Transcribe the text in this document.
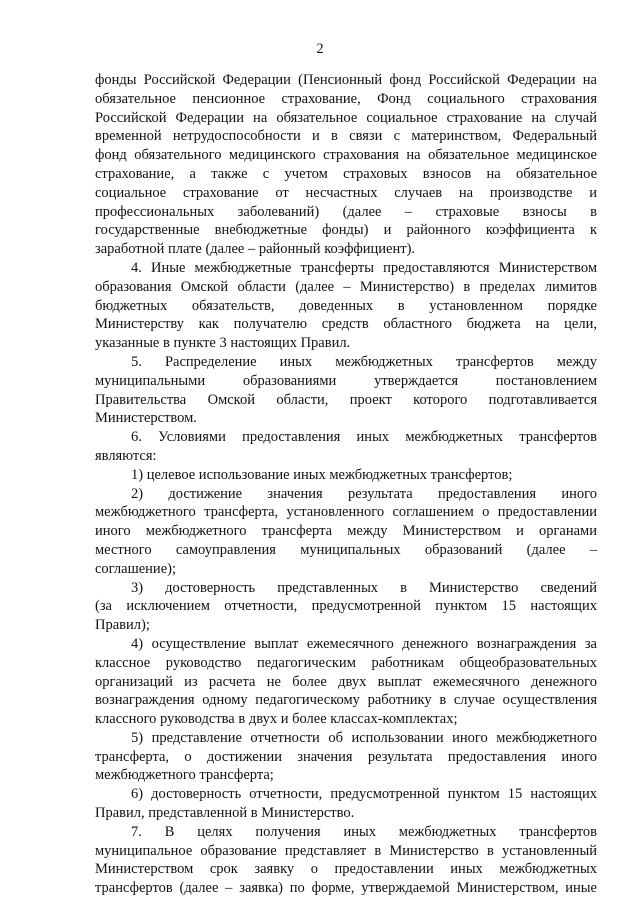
2
фонды Российской Федерации (Пенсионный фонд Российской Федерации на
обязательное пенсионное страхование, Фонд социального страхования
Российской Федерации на обязательное социальное страхование на случай
временной нетрудоспособности и в связи с материнством, Федеральный
фонд обязательного медицинского страхования на обязательное медицинское
страхование, а также с учетом страховых взносов на обязательное
социальное страхование от несчастных случаев на производстве и
профессиональных заболеваний) (далее – страховые взносы в
государственные внебюджетные фонды) и районного коэффициента к
заработной плате (далее – районный коэффициент).
4. Иные межбюджетные трансферты предоставляются Министерством
образования Омской области (далее – Министерство) в пределах лимитов
бюджетных обязательств, доведенных в установленном порядке
Министерству как получателю средств областного бюджета на цели,
указанные в пункте 3 настоящих Правил.
5. Распределение иных межбюджетных трансфертов между
муниципальными образованиями утверждается постановлением
Правительства Омской области, проект которого подготавливается
Министерством.
6. Условиями предоставления иных межбюджетных трансфертов
являются:
1) целевое использование иных межбюджетных трансфертов;
2) достижение значения результата предоставления иного
межбюджетного трансферта, установленного соглашением о предоставлении
иного межбюджетного трансферта между Министерством и органами
местного самоуправления муниципальных образований (далее –
соглашение);
3) достоверность представленных в Министерство сведений
(за исключением отчетности, предусмотренной пунктом 15 настоящих
Правил);
4) осуществление выплат ежемесячного денежного вознаграждения за
классное руководство педагогическим работникам общеобразовательных
организаций из расчета не более двух выплат ежемесячного денежного
вознаграждения одному педагогическому работнику в случае осуществления
классного руководства в двух и более классах-комплектах;
5) представление отчетности об использовании иного межбюджетного
трансферта, о достижении значения результата предоставления иного
межбюджетного трансферта;
6) достоверность отчетности, предусмотренной пунктом 15 настоящих
Правил, представленной в Министерство.
7. В целях получения иных межбюджетных трансфертов
муниципальное образование представляет в Министерство в установленный
Министерством срок заявку о предоставлении иных межбюджетных
трансфертов (далее – заявка) по форме, утверждаемой Министерством, иные
